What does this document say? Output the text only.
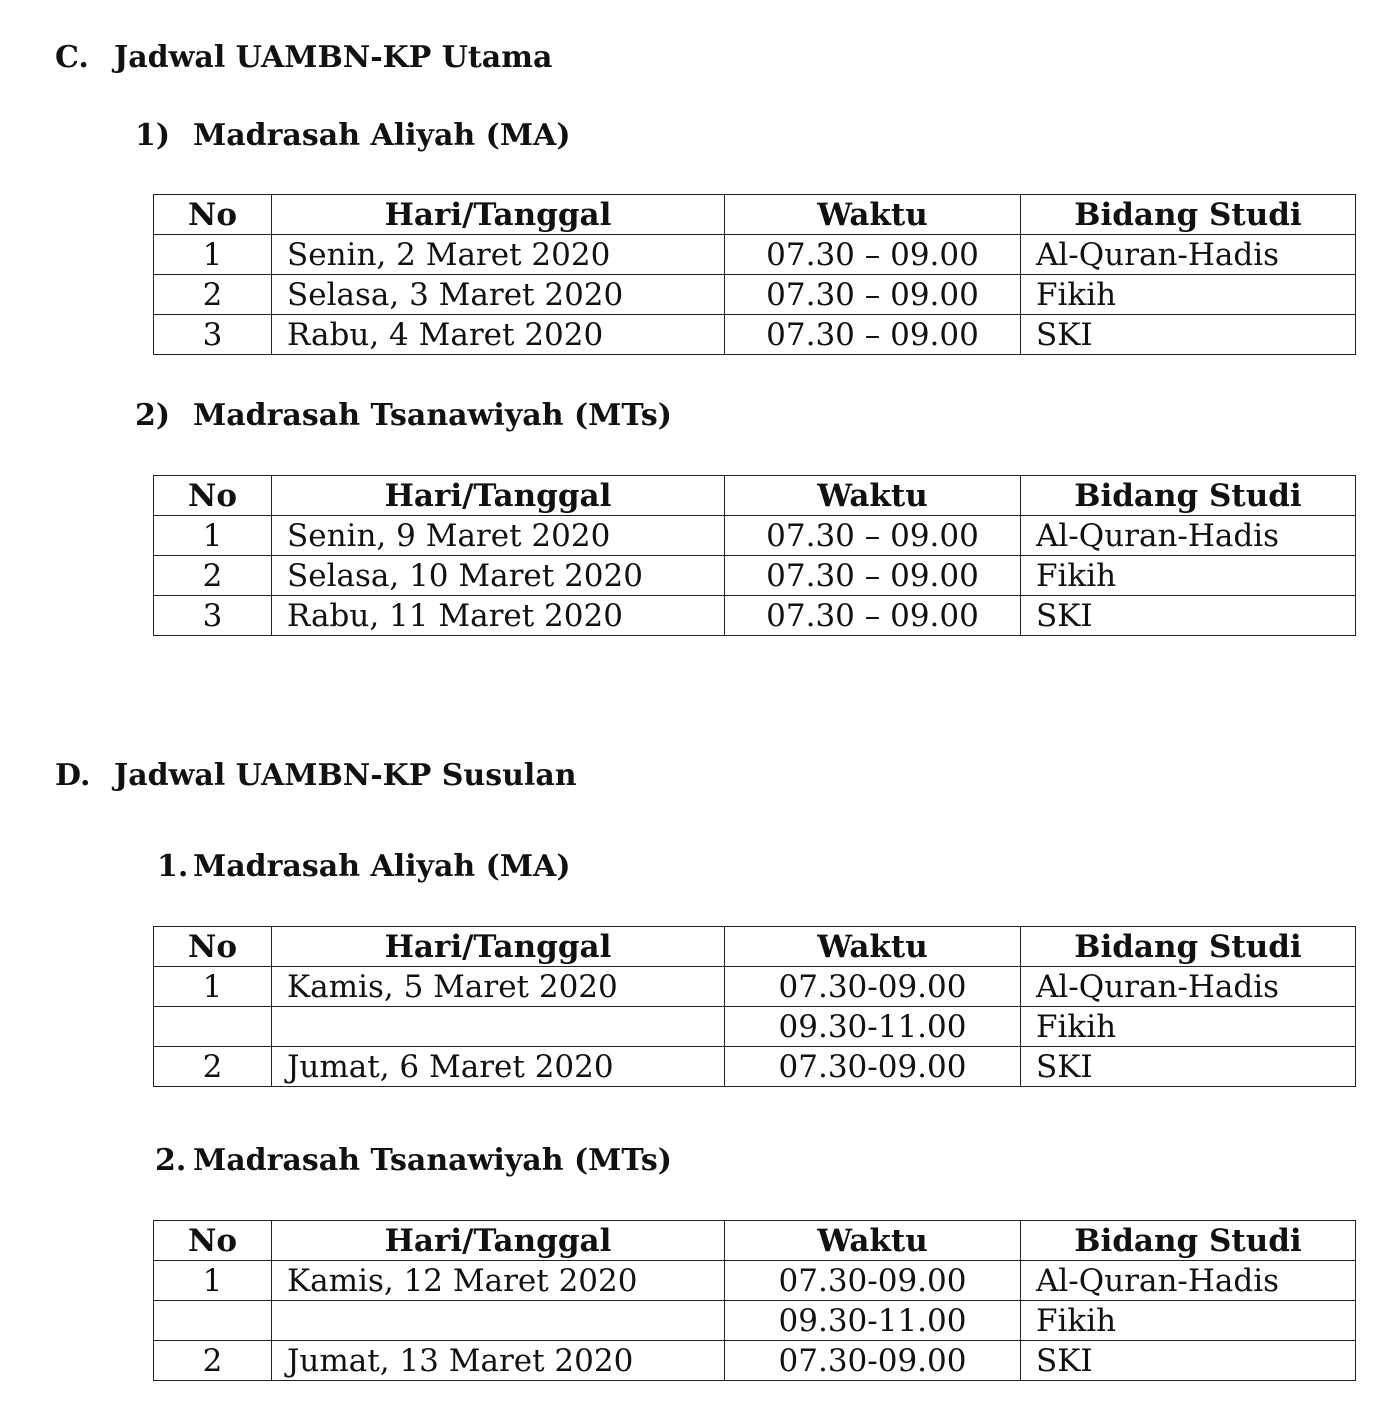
C. Jadwal UAMBN-KP Utama
1) Madrasah Aliyah (MA)
No	Hari/Tanggal	Waktu	Bidang Studi
1	Senin, 2 Maret 2020	07.30 – 09.00	Al-Quran-Hadis
2	Selasa, 3 Maret 2020	07.30 – 09.00	Fikih
3	Rabu, 4 Maret 2020	07.30 – 09.00	SKI
2) Madrasah Tsanawiyah (MTs)
No	Hari/Tanggal	Waktu	Bidang Studi
1	Senin, 9 Maret 2020	07.30 – 09.00	Al-Quran-Hadis
2	Selasa, 10 Maret 2020	07.30 – 09.00	Fikih
3	Rabu, 11 Maret 2020	07.30 – 09.00	SKI
D. Jadwal UAMBN-KP Susulan
1. Madrasah Aliyah (MA)
No	Hari/Tanggal	Waktu	Bidang Studi
1	Kamis, 5 Maret 2020	07.30-09.00	Al-Quran-Hadis
		09.30-11.00	Fikih
2	Jumat, 6 Maret 2020	07.30-09.00	SKI
2. Madrasah Tsanawiyah (MTs)
No	Hari/Tanggal	Waktu	Bidang Studi
1	Kamis, 12 Maret 2020	07.30-09.00	Al-Quran-Hadis
		09.30-11.00	Fikih
2	Jumat, 13 Maret 2020	07.30-09.00	SKI
